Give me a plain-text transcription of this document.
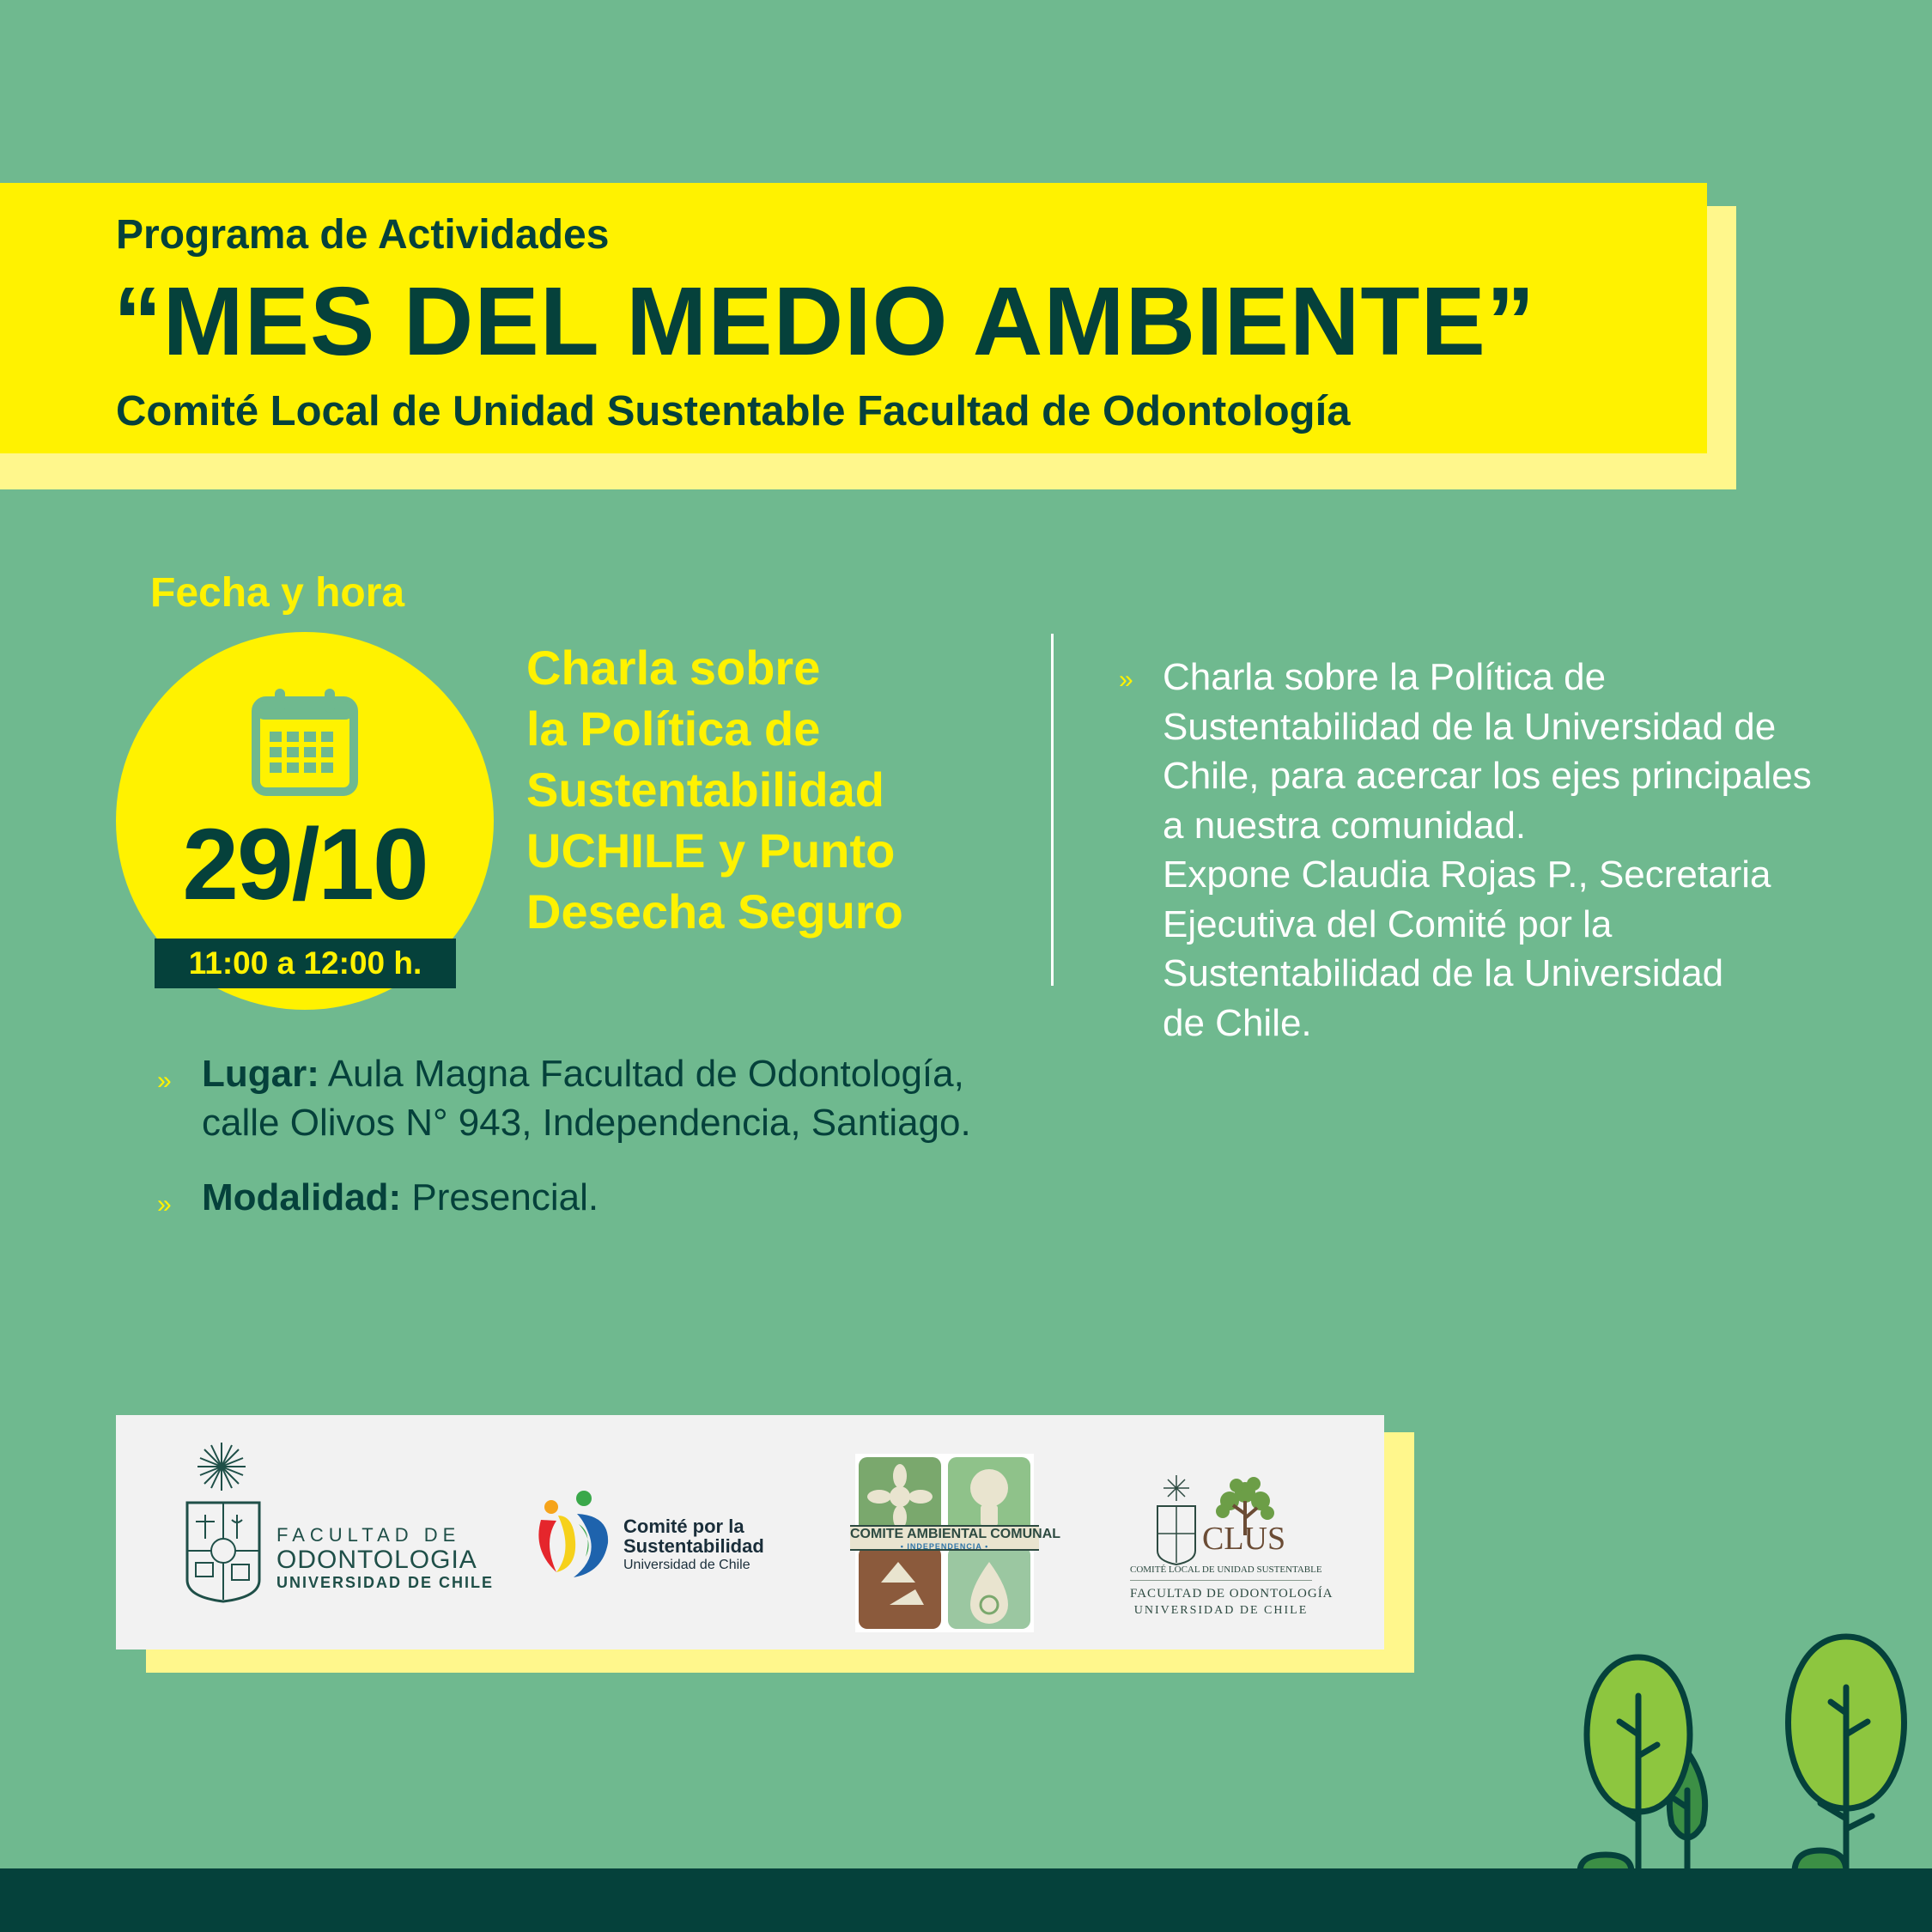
Programa de Actividades
“MES DEL MEDIO AMBIENTE”
Comité Local de Unidad Sustentable Facultad de Odontología
Fecha y hora
29/10
11:00 a 12:00 h.
Charla sobre
la Política de
Sustentabilidad
UCHILE y Punto
Desecha Seguro
» Charla sobre la Política de
Sustentabilidad de la Universidad de
Chile, para acercar los ejes principales
a nuestra comunidad.
Expone Claudia Rojas P., Secretaria
Ejecutiva del Comité por la
Sustentabilidad de la Universidad
de Chile.
» Lugar: Aula Magna Facultad de Odontología,
calle Olivos N° 943, Independencia, Santiago.
» Modalidad: Presencial.
FACULTAD DE
ODONTOLOGIA
UNIVERSIDAD DE CHILE
Comité por la
Sustentabilidad
Universidad de Chile
COMITE AMBIENTAL COMUNAL
• INDEPENDENCIA •	CLUS
COMITÉ LOCAL DE UNIDAD SUSTENTABLE
FACULTAD DE ODONTOLOGÍA
UNIVERSIDAD DE CHILE
